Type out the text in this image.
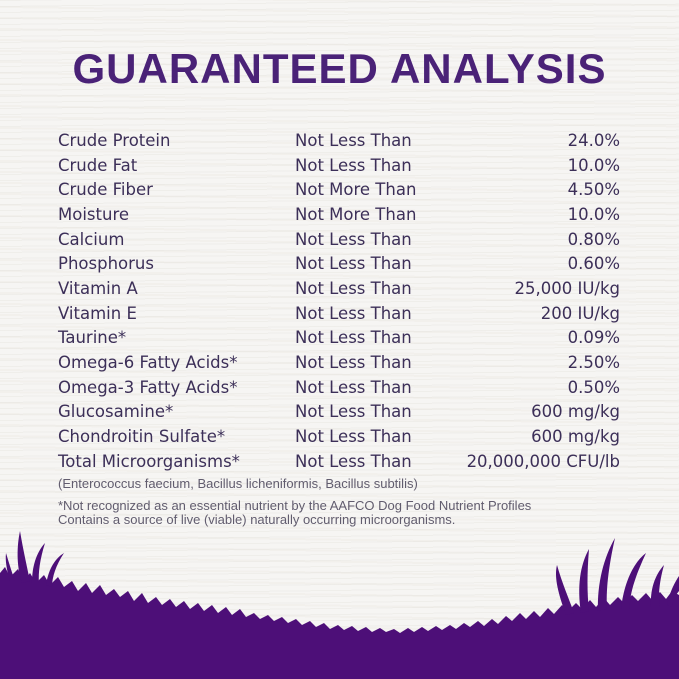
GUARANTEED ANALYSIS
Crude Protein	Not Less Than	24.0%
Crude Fat	Not Less Than	10.0%
Crude Fiber	Not More Than	4.50%
Moisture	Not More Than	10.0%
Calcium	Not Less Than	0.80%
Phosphorus	Not Less Than	0.60%
Vitamin A	Not Less Than	25,000 IU/kg
Vitamin E	Not Less Than	200 IU/kg
Taurine*	Not Less Than	0.09%
Omega-6 Fatty Acids*	Not Less Than	2.50%
Omega-3 Fatty Acids*	Not Less Than	0.50%
Glucosamine*	Not Less Than	600 mg/kg
Chondroitin Sulfate*	Not Less Than	600 mg/kg
Total Microorganisms*	Not Less Than	20,000,000 CFU/lb

(Enterococcus faecium, Bacillus licheniformis, Bacillus subtilis)

*Not recognized as an essential nutrient by the AAFCO Dog Food Nutrient Profiles
Contains a source of live (viable) naturally occurring microorganisms.
